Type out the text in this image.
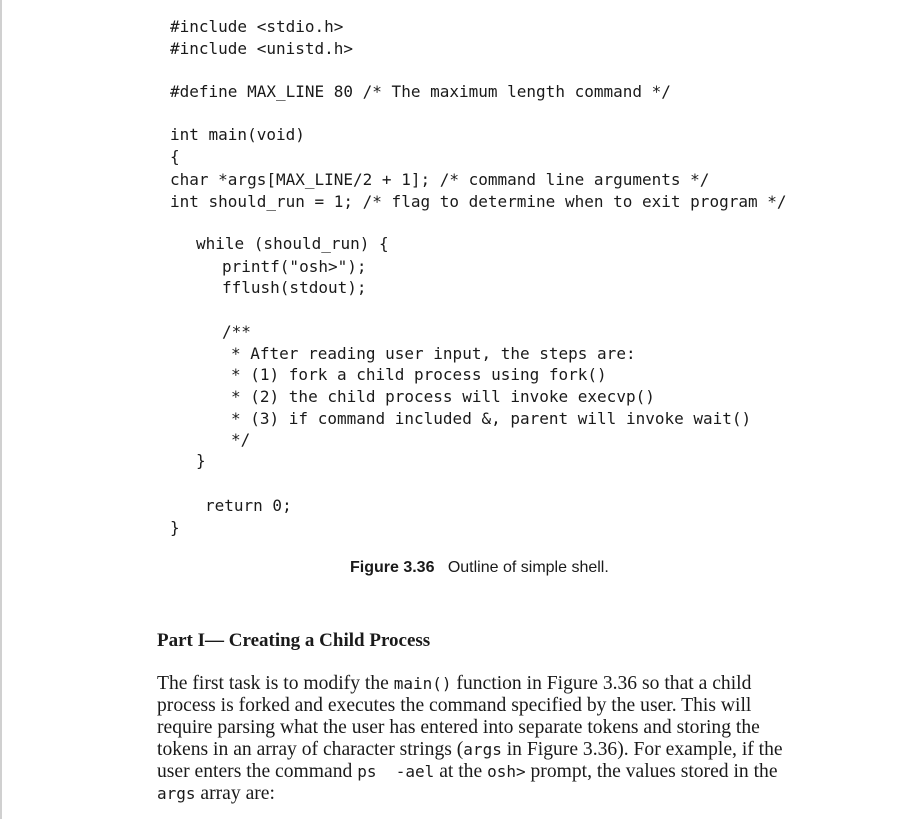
#include <stdio.h>
#include <unistd.h>
#define MAX_LINE 80 /* The maximum length command */
int main(void)
{
char *args[MAX_LINE/2 + 1]; /* command line arguments */
int should_run = 1; /* flag to determine when to exit program */
while (should_run) {
printf("osh>");
fflush(stdout);
/**
* After reading user input, the steps are:
* (1) fork a child process using fork()
* (2) the child process will invoke execvp()
* (3) if command included &, parent will invoke wait()
*/
}
return 0;
}
Figure 3.36 Outline of simple shell.
Part I— Creating a Child Process
The first task is to modify the main() function in Figure 3.36 so that a child
process is forked and executes the command specified by the user. This will
require parsing what the user has entered into separate tokens and storing the
tokens in an array of character strings (args in Figure 3.36). For example, if the
user enters the command ps  -ael at the osh> prompt, the values stored in the
args array are:
